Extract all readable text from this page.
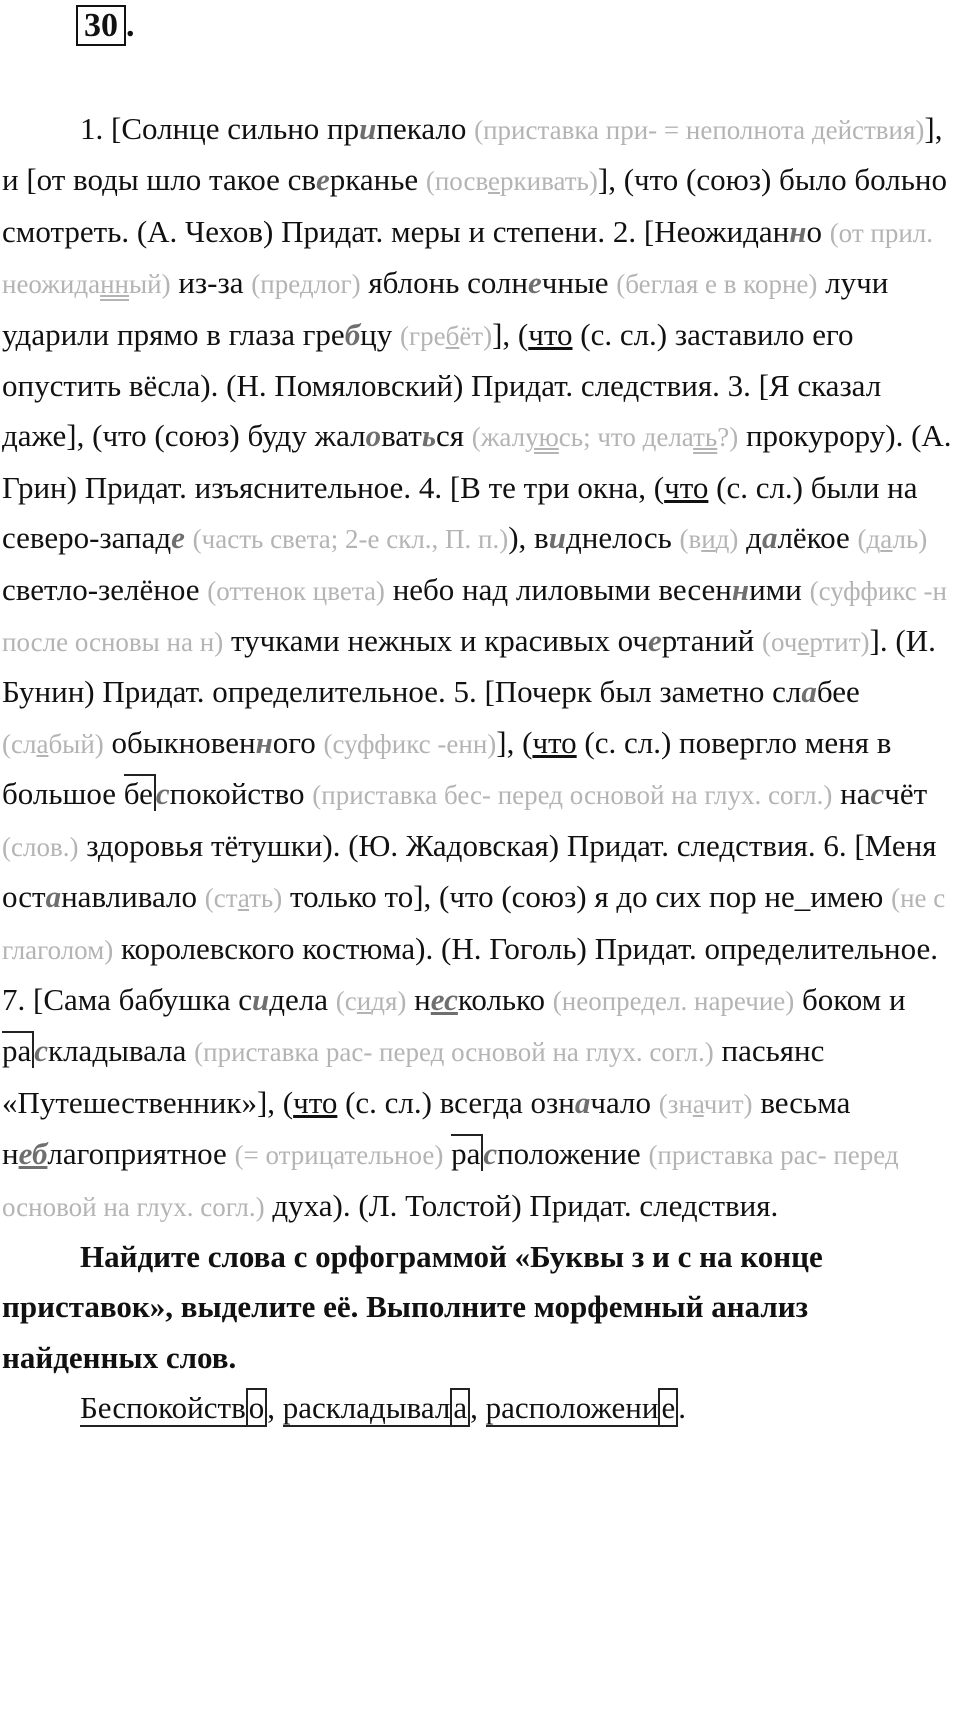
30 .

1. [Солнце сильно припекало (приставка при- = неполнота действия)], и [от воды шло такое сверканье (посверкивать)], (что (союз) было больно смотреть. (А. Чехов) Придат. меры и степени. 2. [Неожиданно (от прил. неожиданный) из-за (предлог) яблонь солнечные (беглая е в корне) лучи ударили прямо в глаза гребцу (гребёт)], (что (с. сл.) заставило его опустить вёсла). (Н. Помяловский) Придат. следствия. 3. [Я сказал даже], (что (союз) буду жаловаться (жалуюсь; что делать?) прокурору). (А. Грин) Придат. изъяснительное. 4. [В те три окна, (что (с. сл.) были на северо-западе (часть света; 2-е скл., П. п.)), виднелось (вид) далёкое (даль) светло-зелёное (оттенок цвета) небо над лиловыми весенними (суффикс -н после основы на н) тучками нежных и красивых очертаний (очертит)]. (И. Бунин) Придат. определительное. 5. [Почерк был заметно слабее (слабый) обыкновенного (суффикс -енн)], (что (с. сл.) повергло меня в большое беспокойство (приставка бес- перед основой на глух. согл.) насчёт (слов.) здоровья тётушки). (Ю. Жадовская) Придат. следствия. 6. [Меня останавливало (стать) только то], (что (союз) я до сих пор не_имею (не с глаголом) королевского костюма). (Н. Гоголь) Придат. определительное. 7. [Сама бабушка сидела (сидя) несколько (неопредел. наречие) боком и раскладывала (приставка рас- перед основой на глух. согл.) пасьянс «Путешественник»], (что (с. сл.) всегда означало (значит) весьма неблагоприятное (= отрицательное) расположение (приставка рас- перед основой на глух. согл.) духа). (Л. Толстой) Придат. следствия.

Найдите слова с орфограммой «Буквы з и с на конце приставок», выделите её. Выполните морфемный анализ найденных слов.

Беспокойство, раскладывала, расположение.
